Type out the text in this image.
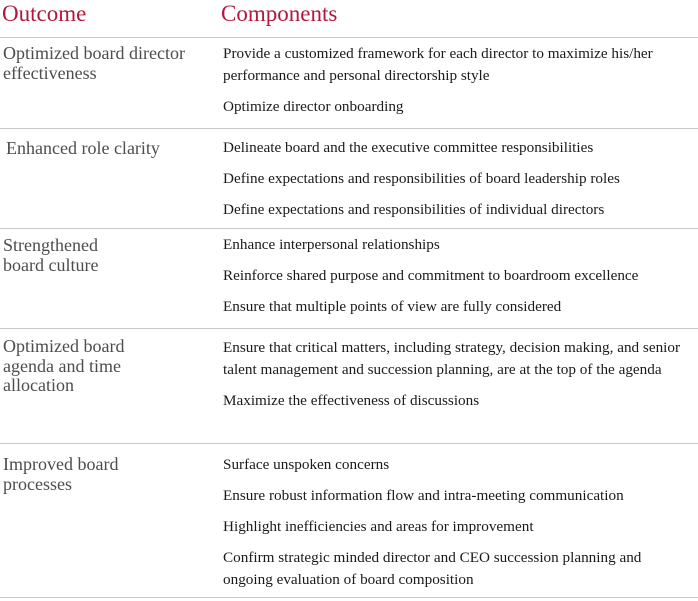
Outcome	Components
Optimized board director effectiveness

Provide a customized framework for each director to maximize his/her performance and personal directorship style

Optimize director onboarding

Enhanced role clarity	Delineate board and the executive committee responsibilities

Define expectations and responsibilities of board leadership roles

Define expectations and responsibilities of individual directors

Strengthened board culture

Enhance interpersonal relationships

Reinforce shared purpose and commitment to boardroom excellence

Ensure that multiple points of view are fully considered

Optimized board agenda and time allocation

Ensure that critical matters, including strategy, decision making, and senior talent management and succession planning, are at the top of the agenda

Maximize the effectiveness of discussions

Improved board processes

Surface unspoken concerns

Ensure robust information flow and intra-meeting communication

Highlight inefficiencies and areas for improvement

Confirm strategic minded director and CEO succession planning and ongoing evaluation of board composition
